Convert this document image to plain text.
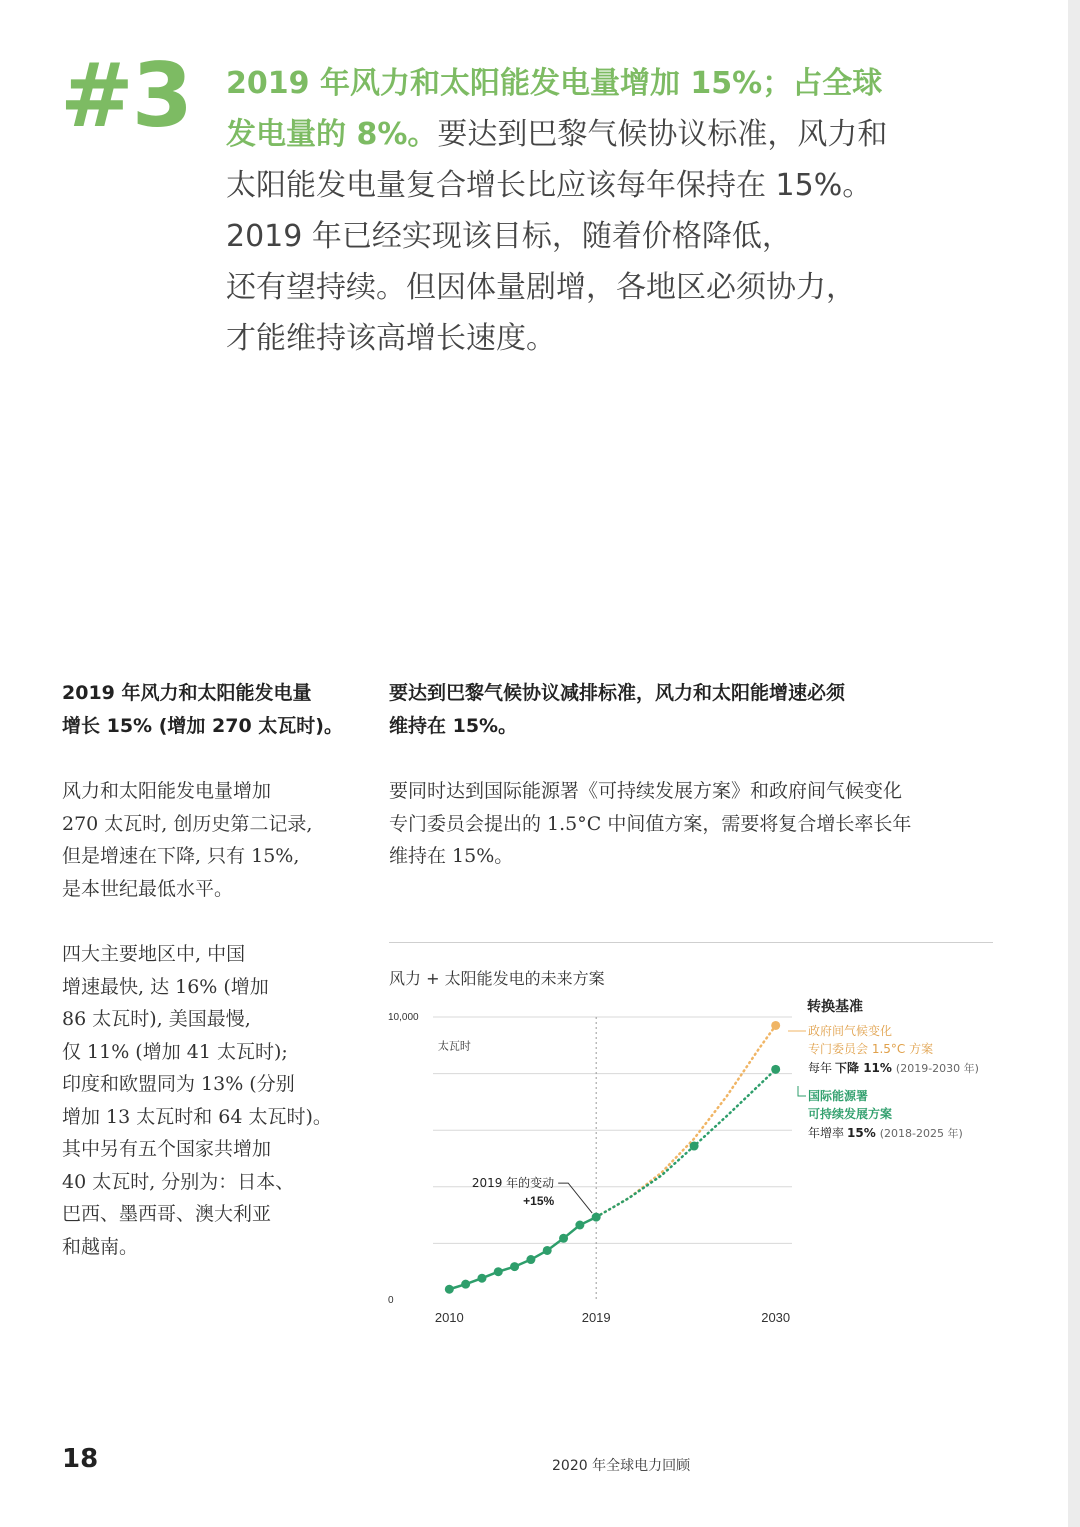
#3 2019 年风力和太阳能发电量增加 15%；占全球
发电量的 8%。要达到巴黎气候协议标准，风力和
太阳能发电量复合增长比应该每年保持在 15%。
2019 年已经实现该目标，随着价格降低，
还有望持续。但因体量剧增，各地区必须协力，
才能维持该高增长速度。
2019 年风力和太阳能发电量
增长 15% (增加 270 太瓦时)。
风力和太阳能发电量增加
270 太瓦时, 创历史第二记录,
但是增速在下降, 只有 15%,
是本世纪最低水平。
四大主要地区中, 中国
增速最快, 达 16% (增加
86 太瓦时), 美国最慢,
仅 11% (增加 41 太瓦时);
印度和欧盟同为 13% (分别
增加 13 太瓦时和 64 太瓦时)。
其中另有五个国家共增加
40 太瓦时, 分别为：日本、
巴西、墨西哥、澳大利亚
和越南。
要达到巴黎气候协议减排标准，风力和太阳能增速必须
维持在 15%。
要同时达到国际能源署《可持续发展方案》和政府间气候变化
专门委员会提出的 1.5°C 中间值方案，需要将复合增长率长年
维持在 15%。
风力 + 太阳能发电的未来方案
10,000
0
太瓦时
2010	2019	2030
转换基准
政府间气候变化
专门委员会 1.5°C 方案
每年 下降 11% (2019-2030 年)
国际能源署
可持续发展方案
年增率 15% (2018-2025 年)
2019 年的变动
+15%
18	2020 年全球电力回顾
